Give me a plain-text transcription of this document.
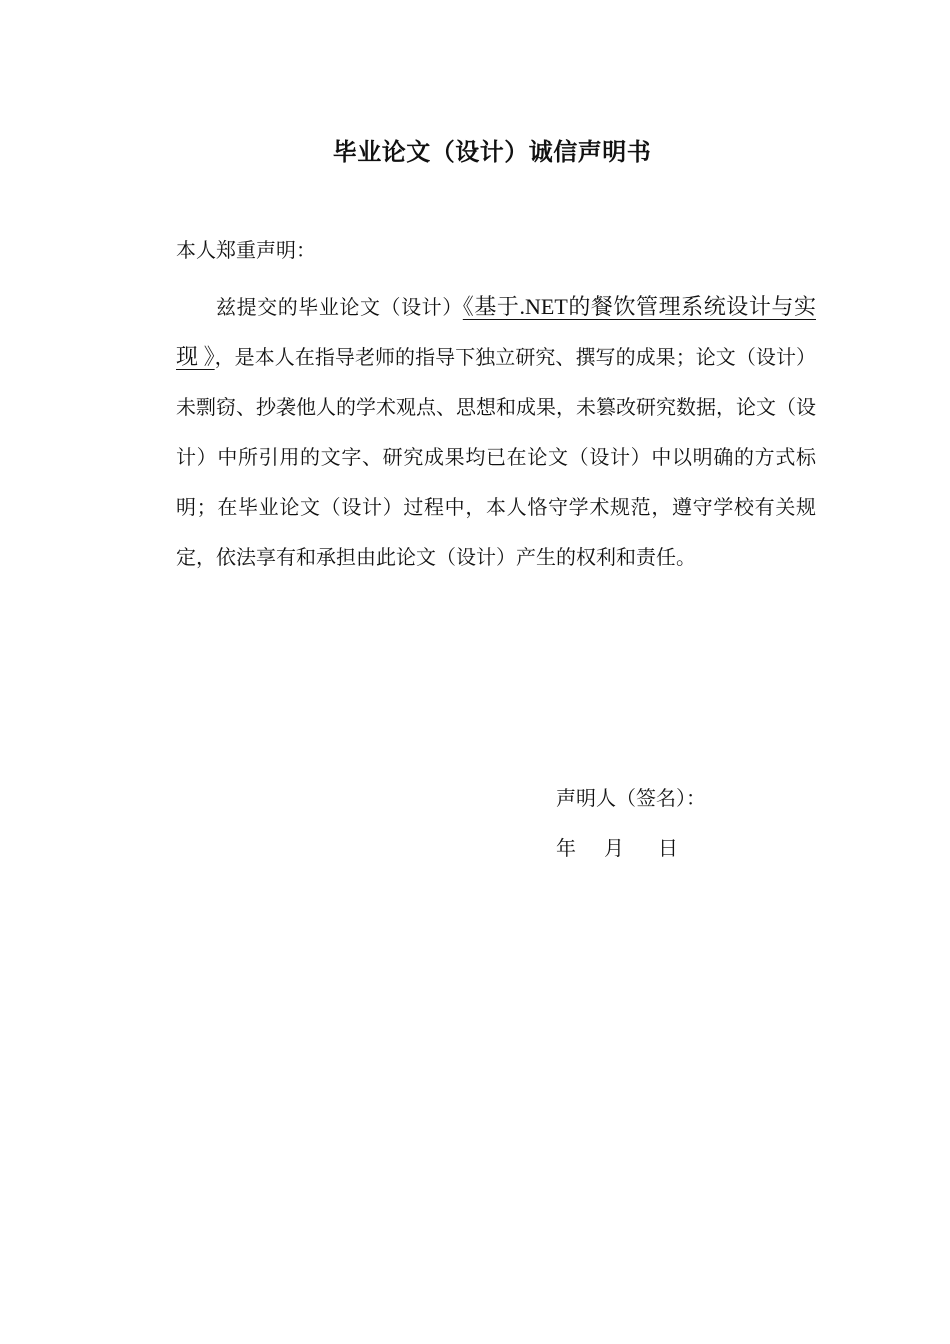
毕业论文（设计）诚信声明书
本人郑重声明：

兹提交的毕业论文（设计）《基于.NET的餐饮管理系统设计与实现 》，是本人在指导老师的指导下独立研究、撰写的成果；论文（设计）未剽窃、抄袭他人的学术观点、思想和成果，未篡改研究数据，论文（设计）中所引用的文字、研究成果均已在论文（设计）中以明确的方式标明；在毕业论文（设计）过程中，本人恪守学术规范，遵守学校有关规定，依法享有和承担由此论文（设计）产生的权利和责任。

声明人（签名）：
年 月 日
